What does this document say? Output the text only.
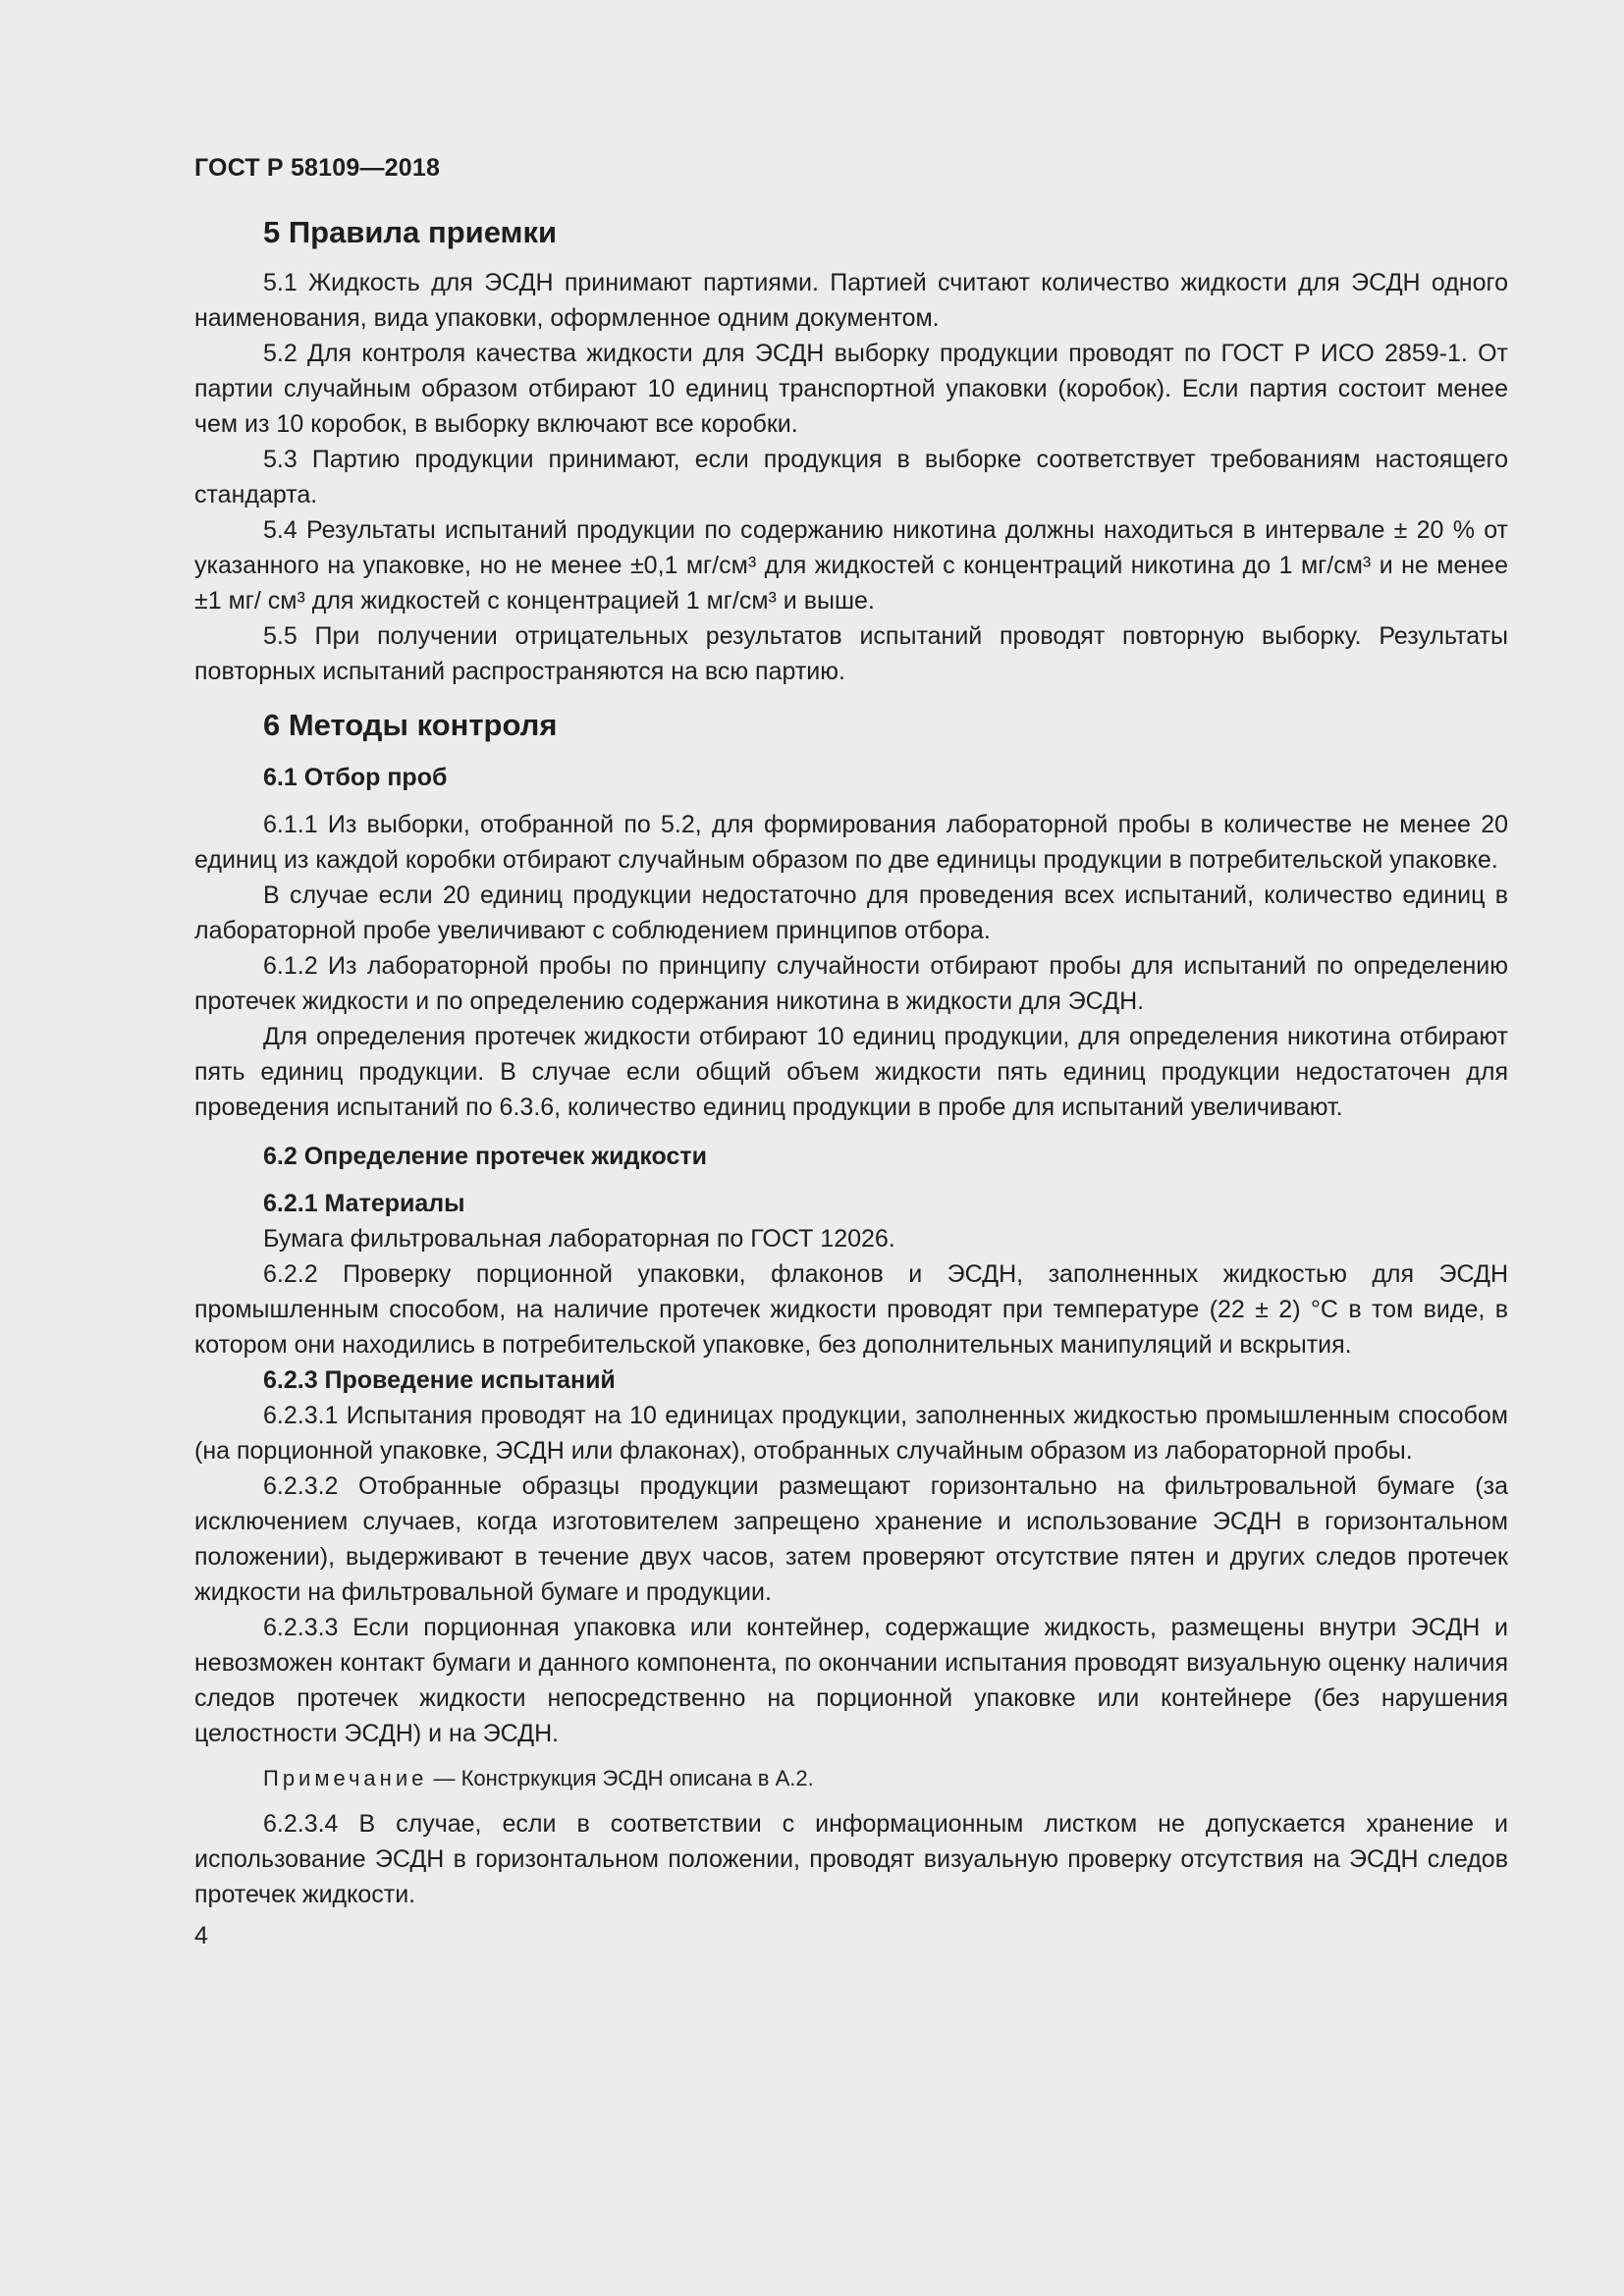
ГОСТ Р 58109—2018
5 Правила приемки

5.1 Жидкость для ЭСДН принимают партиями. Партией считают количество жидкости для ЭСДН одного наименования, вида упаковки, оформленное одним документом.

5.2 Для контроля качества жидкости для ЭСДН выборку продукции проводят по ГОСТ Р ИСО 2859-1. От партии случайным образом отбирают 10 единиц транспортной упаковки (коробок). Если партия состоит менее чем из 10 коробок, в выборку включают все коробки.

5.3 Партию продукции принимают, если продукция в выборке соответствует требованиям настоящего стандарта.

5.4 Результаты испытаний продукции по содержанию никотина должны находиться в интервале ± 20 % от указанного на упаковке, но не менее ±0,1 мг/см³ для жидкостей с концентраций никотина до 1 мг/см³ и не менее ±1 мг/ см³ для жидкостей с концентрацией 1 мг/см³ и выше.

5.5 При получении отрицательных результатов испытаний проводят повторную выборку. Результаты повторных испытаний распространяются на всю партию.

6 Методы контроля
6.1 Отбор проб

6.1.1 Из выборки, отобранной по 5.2, для формирования лабораторной пробы в количестве не менее 20 единиц из каждой коробки отбирают случайным образом по две единицы продукции в потребительской упаковке.

В случае если 20 единиц продукции недостаточно для проведения всех испытаний, количество единиц в лабораторной пробе увеличивают с соблюдением принципов отбора.

6.1.2 Из лабораторной пробы по принципу случайности отбирают пробы для испытаний по определению протечек жидкости и по определению содержания никотина в жидкости для ЭСДН.

Для определения протечек жидкости отбирают 10 единиц продукции, для определения никотина отбирают пять единиц продукции. В случае если общий объем жидкости пять единиц продукции недостаточен для проведения испытаний по 6.3.6, количество единиц продукции в пробе для испытаний увеличивают.

6.2 Определение протечек жидкости
6.2.1 Материалы

Бумага фильтровальная лабораторная по ГОСТ 12026.

6.2.2 Проверку порционной упаковки, флаконов и ЭСДН, заполненных жидкостью для ЭСДН промышленным способом, на наличие протечек жидкости проводят при температуре (22 ± 2) °С в том виде, в котором они находились в потребительской упаковке, без дополнительных манипуляций и вскрытия.

6.2.3 Проведение испытаний

6.2.3.1 Испытания проводят на 10 единицах продукции, заполненных жидкостью промышленным способом (на порционной упаковке, ЭСДН или флаконах), отобранных случайным образом из лабораторной пробы.

6.2.3.2 Отобранные образцы продукции размещают горизонтально на фильтровальной бумаге (за исключением случаев, когда изготовителем запрещено хранение и использование ЭСДН в горизонтальном положении), выдерживают в течение двух часов, затем проверяют отсутствие пятен и других следов протечек жидкости на фильтровальной бумаге и продукции.

6.2.3.3 Если порционная упаковка или контейнер, содержащие жидкость, размещены внутри ЭСДН и невозможен контакт бумаги и данного компонента, по окончании испытания проводят визуальную оценку наличия следов протечек жидкости непосредственно на порционной упаковке или контейнере (без нарушения целостности ЭСДН) и на ЭСДН.

Примечание — Констркукция ЭСДН описана в А.2.

6.2.3.4 В случае, если в соответствии с информационным листком не допускается хранение и использование ЭСДН в горизонтальном положении, проводят визуальную проверку отсутствия на ЭСДН следов протечек жидкости.

4
